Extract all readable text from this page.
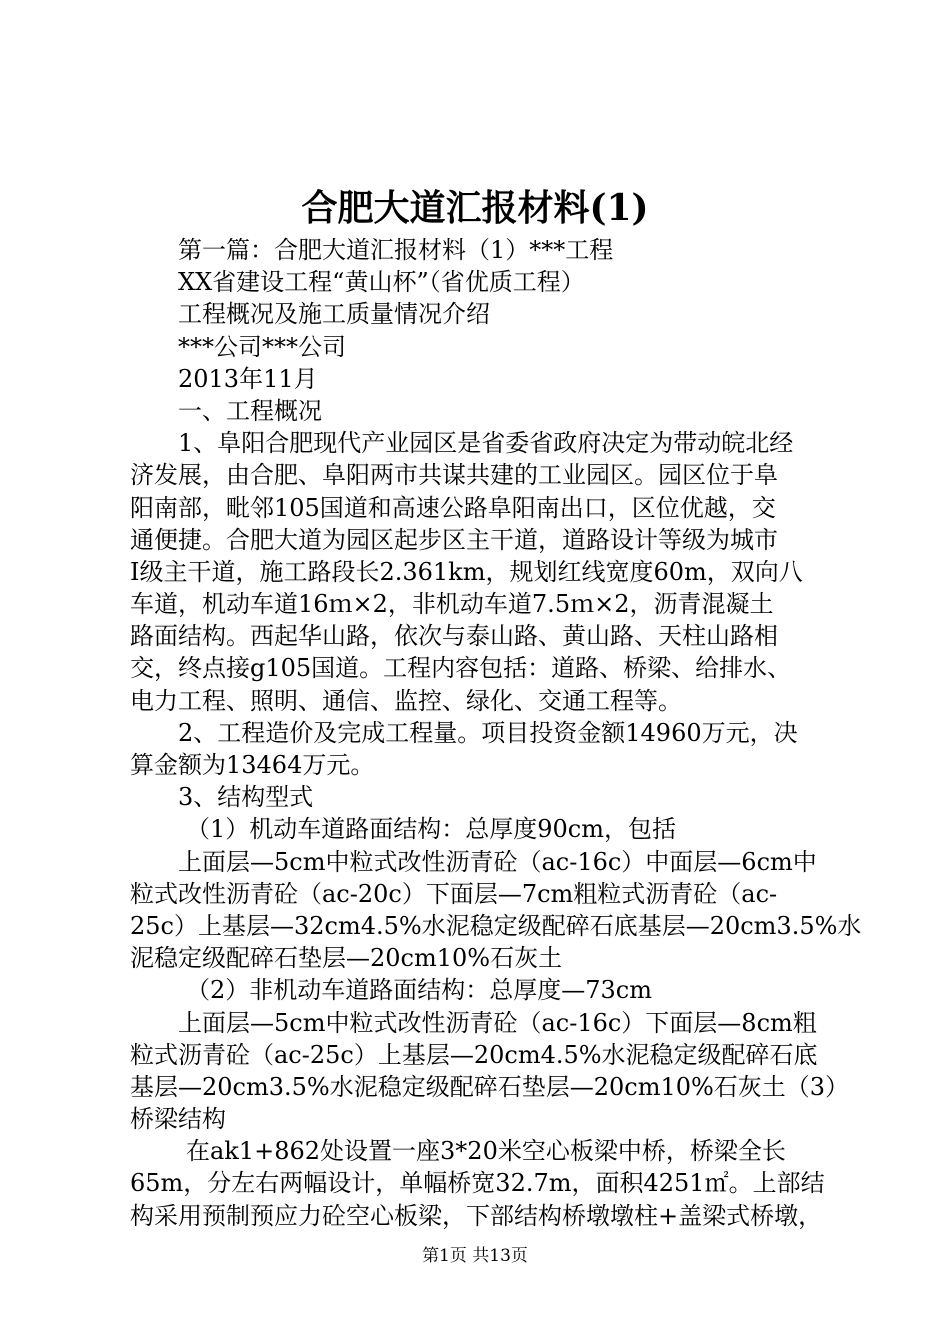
合肥大道汇报材料(1)
第一篇：合肥大道汇报材料（1）***工程
XX省建设工程“黄山杯”（省优质工程）
工程概况及施工质量情况介绍
***公司***公司
2013年11月
一、工程概况
1、阜阳合肥现代产业园区是省委省政府决定为带动皖北经
济发展，由合肥、阜阳两市共谋共建的工业园区。园区位于阜
阳南部，毗邻105国道和高速公路阜阳南出口，区位优越，交
通便捷。合肥大道为园区起步区主干道，道路设计等级为城市
Ⅰ级主干道，施工路段长2.361km，规划红线宽度60m，双向八
车道，机动车道16ｍ×2，非机动车道7.5ｍ×2，沥青混凝土
路面结构。西起华山路，依次与泰山路、黄山路、天柱山路相
交，终点接g105国道。工程内容包括：道路、桥梁、给排水、
电力工程、照明、通信、监控、绿化、交通工程等。
2、工程造价及完成工程量。项目投资金额14960万元，决
算金额为13464万元。
3、结构型式
（1）机动车道路面结构：总厚度90cm，包括
上面层—5cm中粒式改性沥青砼（ac-16c）中面层—6cm中
粒式改性沥青砼（ac-20c）下面层—7cm粗粒式沥青砼（ac-
25c）上基层—32cm4.5%水泥稳定级配碎石底基层—20cm3.5%水
泥稳定级配碎石垫层—20cm10%石灰土
（2）非机动车道路面结构：总厚度—73cm
上面层—5cm中粒式改性沥青砼（ac-16c）下面层—8cm粗
粒式沥青砼（ac-25c）上基层—20cm4.5%水泥稳定级配碎石底
基层—20cm3.5%水泥稳定级配碎石垫层—20cm10%石灰土（3）
桥梁结构
在ak1+862处设置一座3*20米空心板梁中桥，桥梁全长
65m，分左右两幅设计，单幅桥宽32.7m，面积4251㎡。上部结
构采用预制预应力砼空心板梁，下部结构桥墩墩柱+盖梁式桥墩，
第1页 共13页
